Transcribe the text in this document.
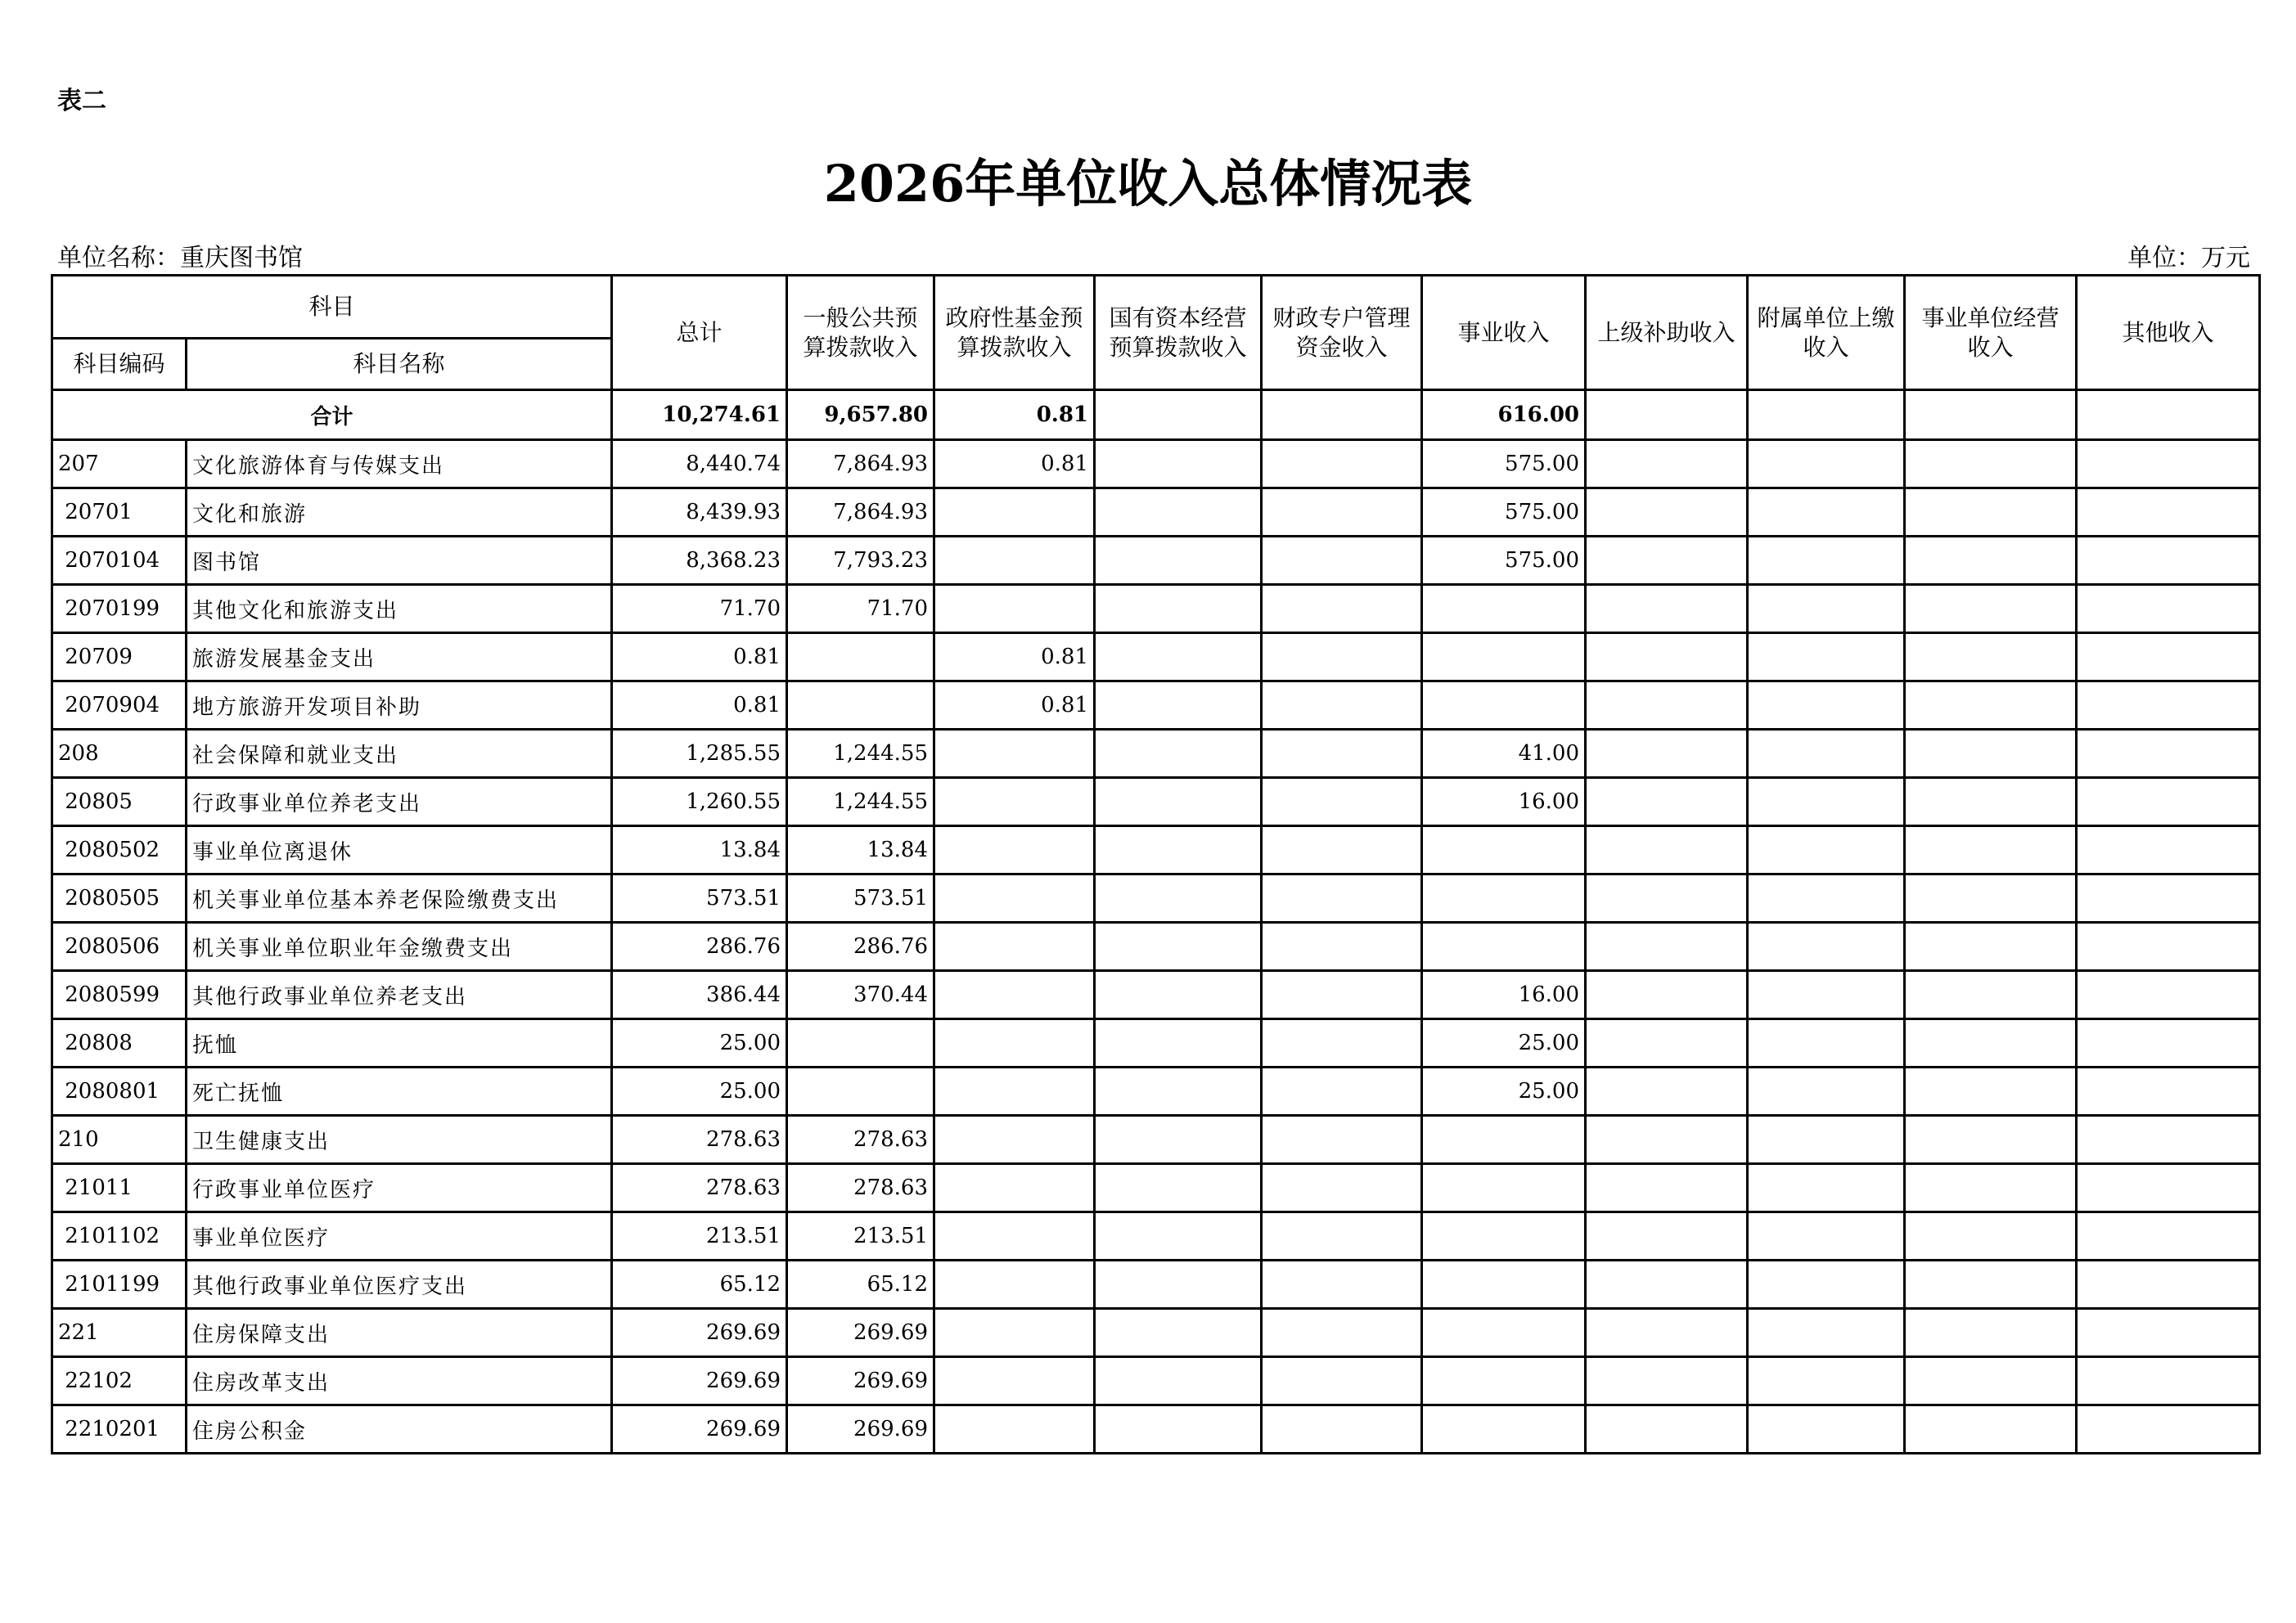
表二
2026年单位收入总体情况表
单位名称：重庆图书馆	单位：万元
科目		总计	一般公共预算拨款收入	政府性基金预算拨款收入	国有资本经营预算拨款收入	财政专户管理资金收入	事业收入	上级补助收入	附属单位上缴收入	事业单位经营收入	其他收入
科目编码	科目名称										
合计		10,274.61	9,657.80	0.81			616.00				
207	文化旅游体育与传媒支出	8,440.74	7,864.93	0.81			575.00				
20701	文化和旅游	8,439.93	7,864.93				575.00				
2070104	图书馆	8,368.23	7,793.23				575.00				
2070199	其他文化和旅游支出	71.70	71.70								
20709	旅游发展基金支出	0.81		0.81							
2070904	地方旅游开发项目补助	0.81		0.81							
208	社会保障和就业支出	1,285.55	1,244.55				41.00				
20805	行政事业单位养老支出	1,260.55	1,244.55				16.00				
2080502	事业单位离退休	13.84	13.84								
2080505	机关事业单位基本养老保险缴费支出	573.51	573.51								
2080506	机关事业单位职业年金缴费支出	286.76	286.76								
2080599	其他行政事业单位养老支出	386.44	370.44				16.00				
20808	抚恤	25.00					25.00				
2080801	死亡抚恤	25.00					25.00				
210	卫生健康支出	278.63	278.63								
21011	行政事业单位医疗	278.63	278.63								
2101102	事业单位医疗	213.51	213.51								
2101199	其他行政事业单位医疗支出	65.12	65.12								
221	住房保障支出	269.69	269.69								
22102	住房改革支出	269.69	269.69								
2210201	住房公积金	269.69	269.69								
